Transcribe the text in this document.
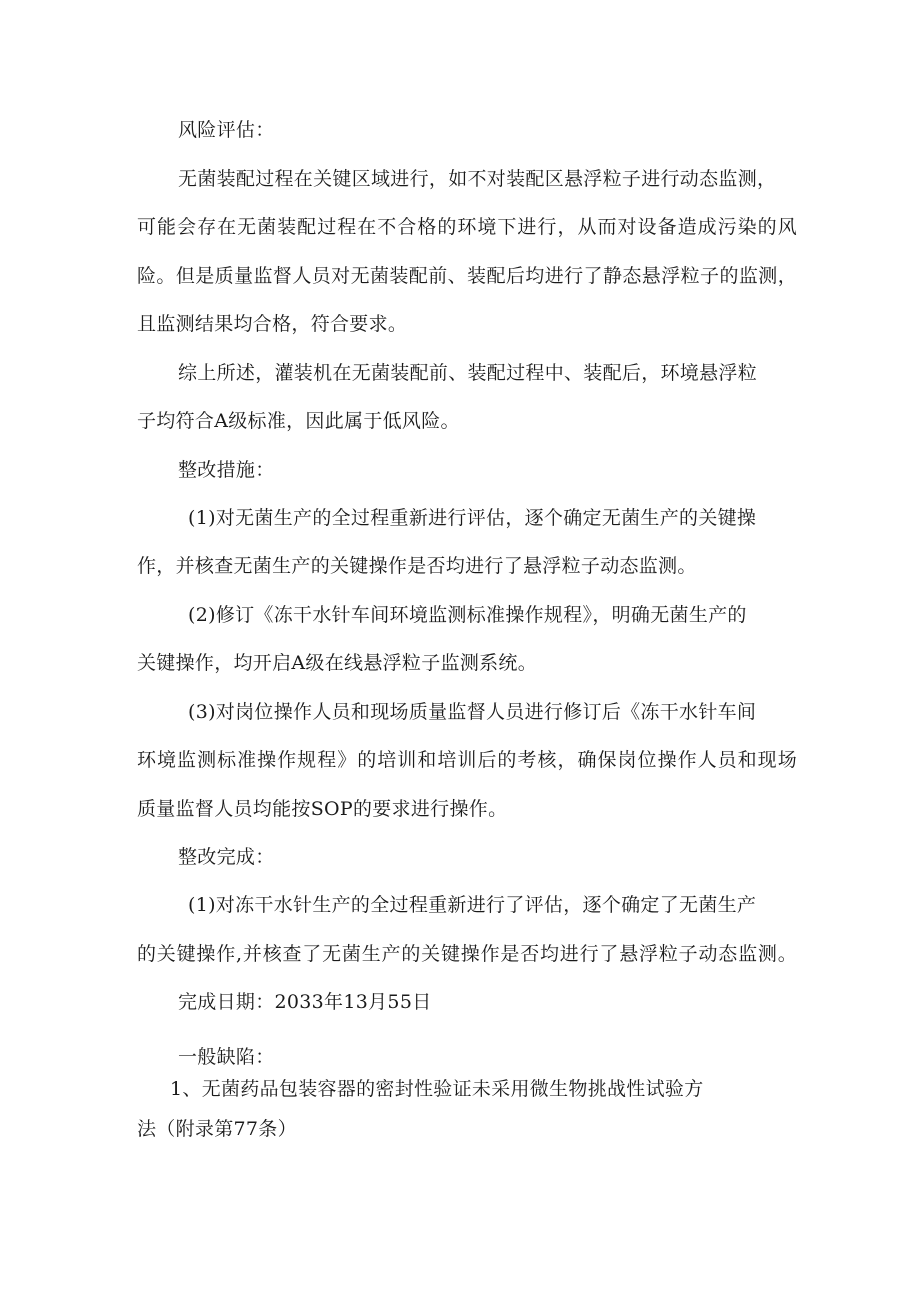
风险评估：
无菌装配过程在关键区域进行，如不对装配区悬浮粒子进行动态监测，
可能会存在无菌装配过程在不合格的环境下进行，从而对设备造成污染的风
险。但是质量监督人员对无菌装配前、装配后均进行了静态悬浮粒子的监测，
且监测结果均合格，符合要求。
综上所述，灌装机在无菌装配前、装配过程中、装配后，环境悬浮粒
子均符合A级标准，因此属于低风险。
整改措施：
(1)对无菌生产的全过程重新进行评估，逐个确定无菌生产的关键操
作，并核查无菌生产的关键操作是否均进行了悬浮粒子动态监测。
(2)修订《冻干水针车间环境监测标准操作规程》，明确无菌生产的
关键操作，均开启A级在线悬浮粒子监测系统。
(3)对岗位操作人员和现场质量监督人员进行修订后《冻干水针车间
环境监测标准操作规程》的培训和培训后的考核，确保岗位操作人员和现场
质量监督人员均能按SOP的要求进行操作。
整改完成：
(1)对冻干水针生产的全过程重新进行了评估，逐个确定了无菌生产
的关键操作,并核查了无菌生产的关键操作是否均进行了悬浮粒子动态监测。
完成日期：2033年13月55日
一般缺陷：
1、无菌药品包装容器的密封性验证未采用微生物挑战性试验方
法（附录第77条）
